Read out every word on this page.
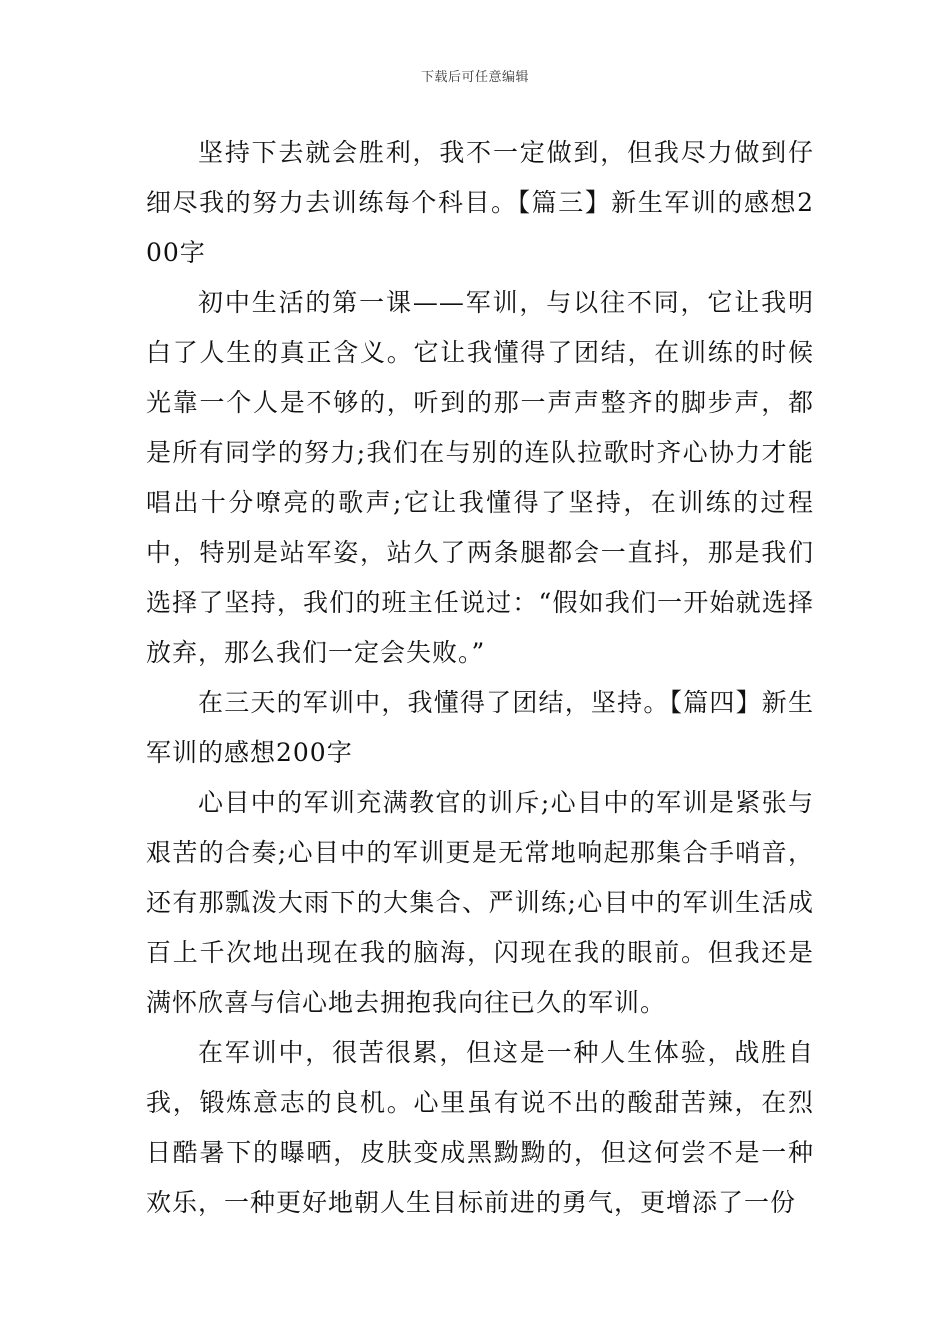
下载后可任意编辑

坚持下去就会胜利，我不一定做到，但我尽力做到仔细尽我的努力去训练每个科目。【篇三】新生军训的感想200字

初中生活的第一课——军训，与以往不同，它让我明白了人生的真正含义。它让我懂得了团结，在训练的时候光靠一个人是不够的，听到的那一声声整齐的脚步声，都是所有同学的努力;我们在与别的连队拉歌时齐心协力才能唱出十分嘹亮的歌声;它让我懂得了坚持，在训练的过程中，特别是站军姿，站久了两条腿都会一直抖，那是我们选择了坚持，我们的班主任说过：“假如我们一开始就选择放弃，那么我们一定会失败。”

在三天的军训中，我懂得了团结，坚持。【篇四】新生军训的感想200字

心目中的军训充满教官的训斥;心目中的军训是紧张与艰苦的合奏;心目中的军训更是无常地响起那集合手哨音，还有那瓢泼大雨下的大集合、严训练;心目中的军训生活成百上千次地出现在我的脑海，闪现在我的眼前。但我还是满怀欣喜与信心地去拥抱我向往已久的军训。

在军训中，很苦很累，但这是一种人生体验，战胜自我，锻炼意志的良机。心里虽有说不出的酸甜苦辣，在烈日酷暑下的曝晒，皮肤变成黑黝黝的，但这何尝不是一种欢乐，一种更好地朝人生目标前进的勇气，更增添了一份
